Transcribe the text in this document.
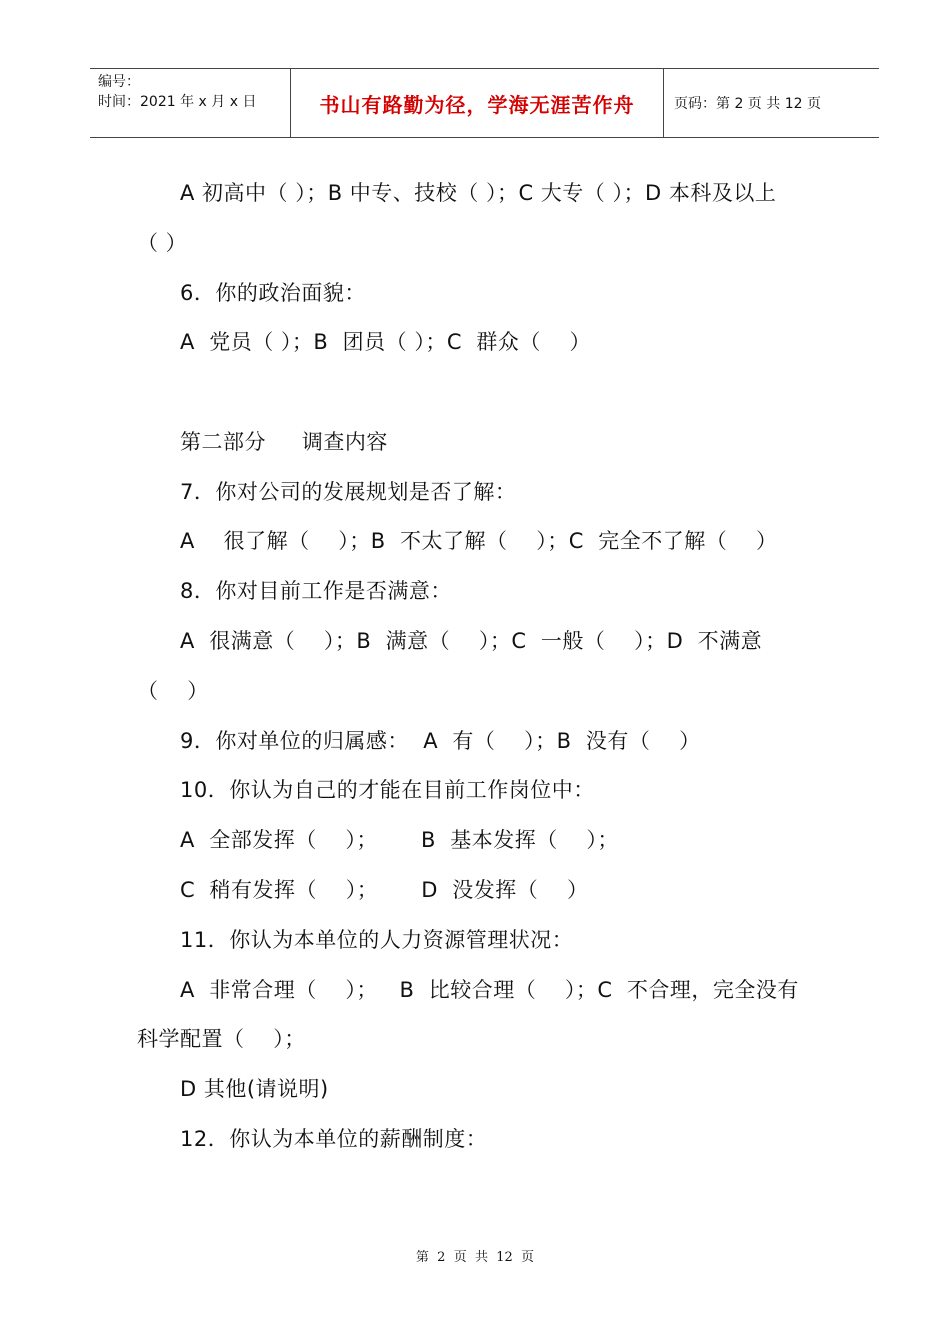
编号：
时间：2021 年 x 月 x 日	书山有路勤为径，学海无涯苦作舟	页码：第 2 页 共 12 页
A 初高中（ ）；B 中专、技校（ ）；C 大专（ ）；D 本科及以上
（ ）
6．你的政治面貌：
A  党员（ ）；B  团员（ ）；C  群众（    ）
第二部分     调查内容
7．你对公司的发展规划是否了解：
A    很了解（    ）；B  不太了解（    ）；C  完全不了解（    ）
8．你对目前工作是否满意：
A  很满意（    ）；B  满意（    ）；C  一般（    ）；D  不满意
（    ）
9．你对单位的归属感：  A  有（    ）；B  没有（    ）
10．你认为自己的才能在目前工作岗位中：
A  全部发挥（    ）；      B  基本发挥（    ）；
C  稍有发挥（    ）；      D  没发挥（    ）
11．你认为本单位的人力资源管理状况：
A  非常合理（    ）；   B  比较合理（    ）；C  不合理，完全没有
科学配置（    ）；
D 其他(请说明)
12．你认为本单位的薪酬制度：
第  2  页  共  12  页
